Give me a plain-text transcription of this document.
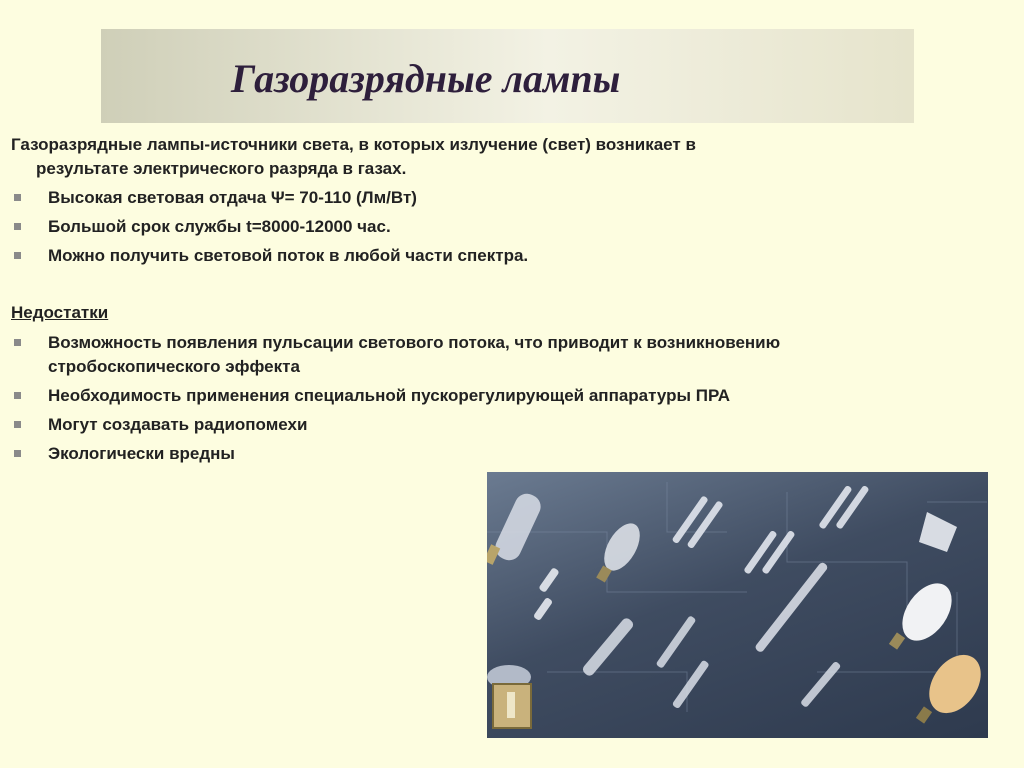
Газоразрядные лампы

Газоразрядные лампы-источники света, в которых излучение (свет) возникает в
результате электрического разряда в газах.

Высокая световая отдача Ψ= 70-110 (Лм/Вт)
Большой срок службы t=8000-12000 час.
Можно получить световой поток в любой части спектра.

Недостатки

Возможность появления пульсации светового потока, что приводит к возникновению стробоскопического эффекта
Необходимость применения специальной пускорегулирующей аппаратуры ПРА
Могут создавать радиопомехи
Экологически вредны
